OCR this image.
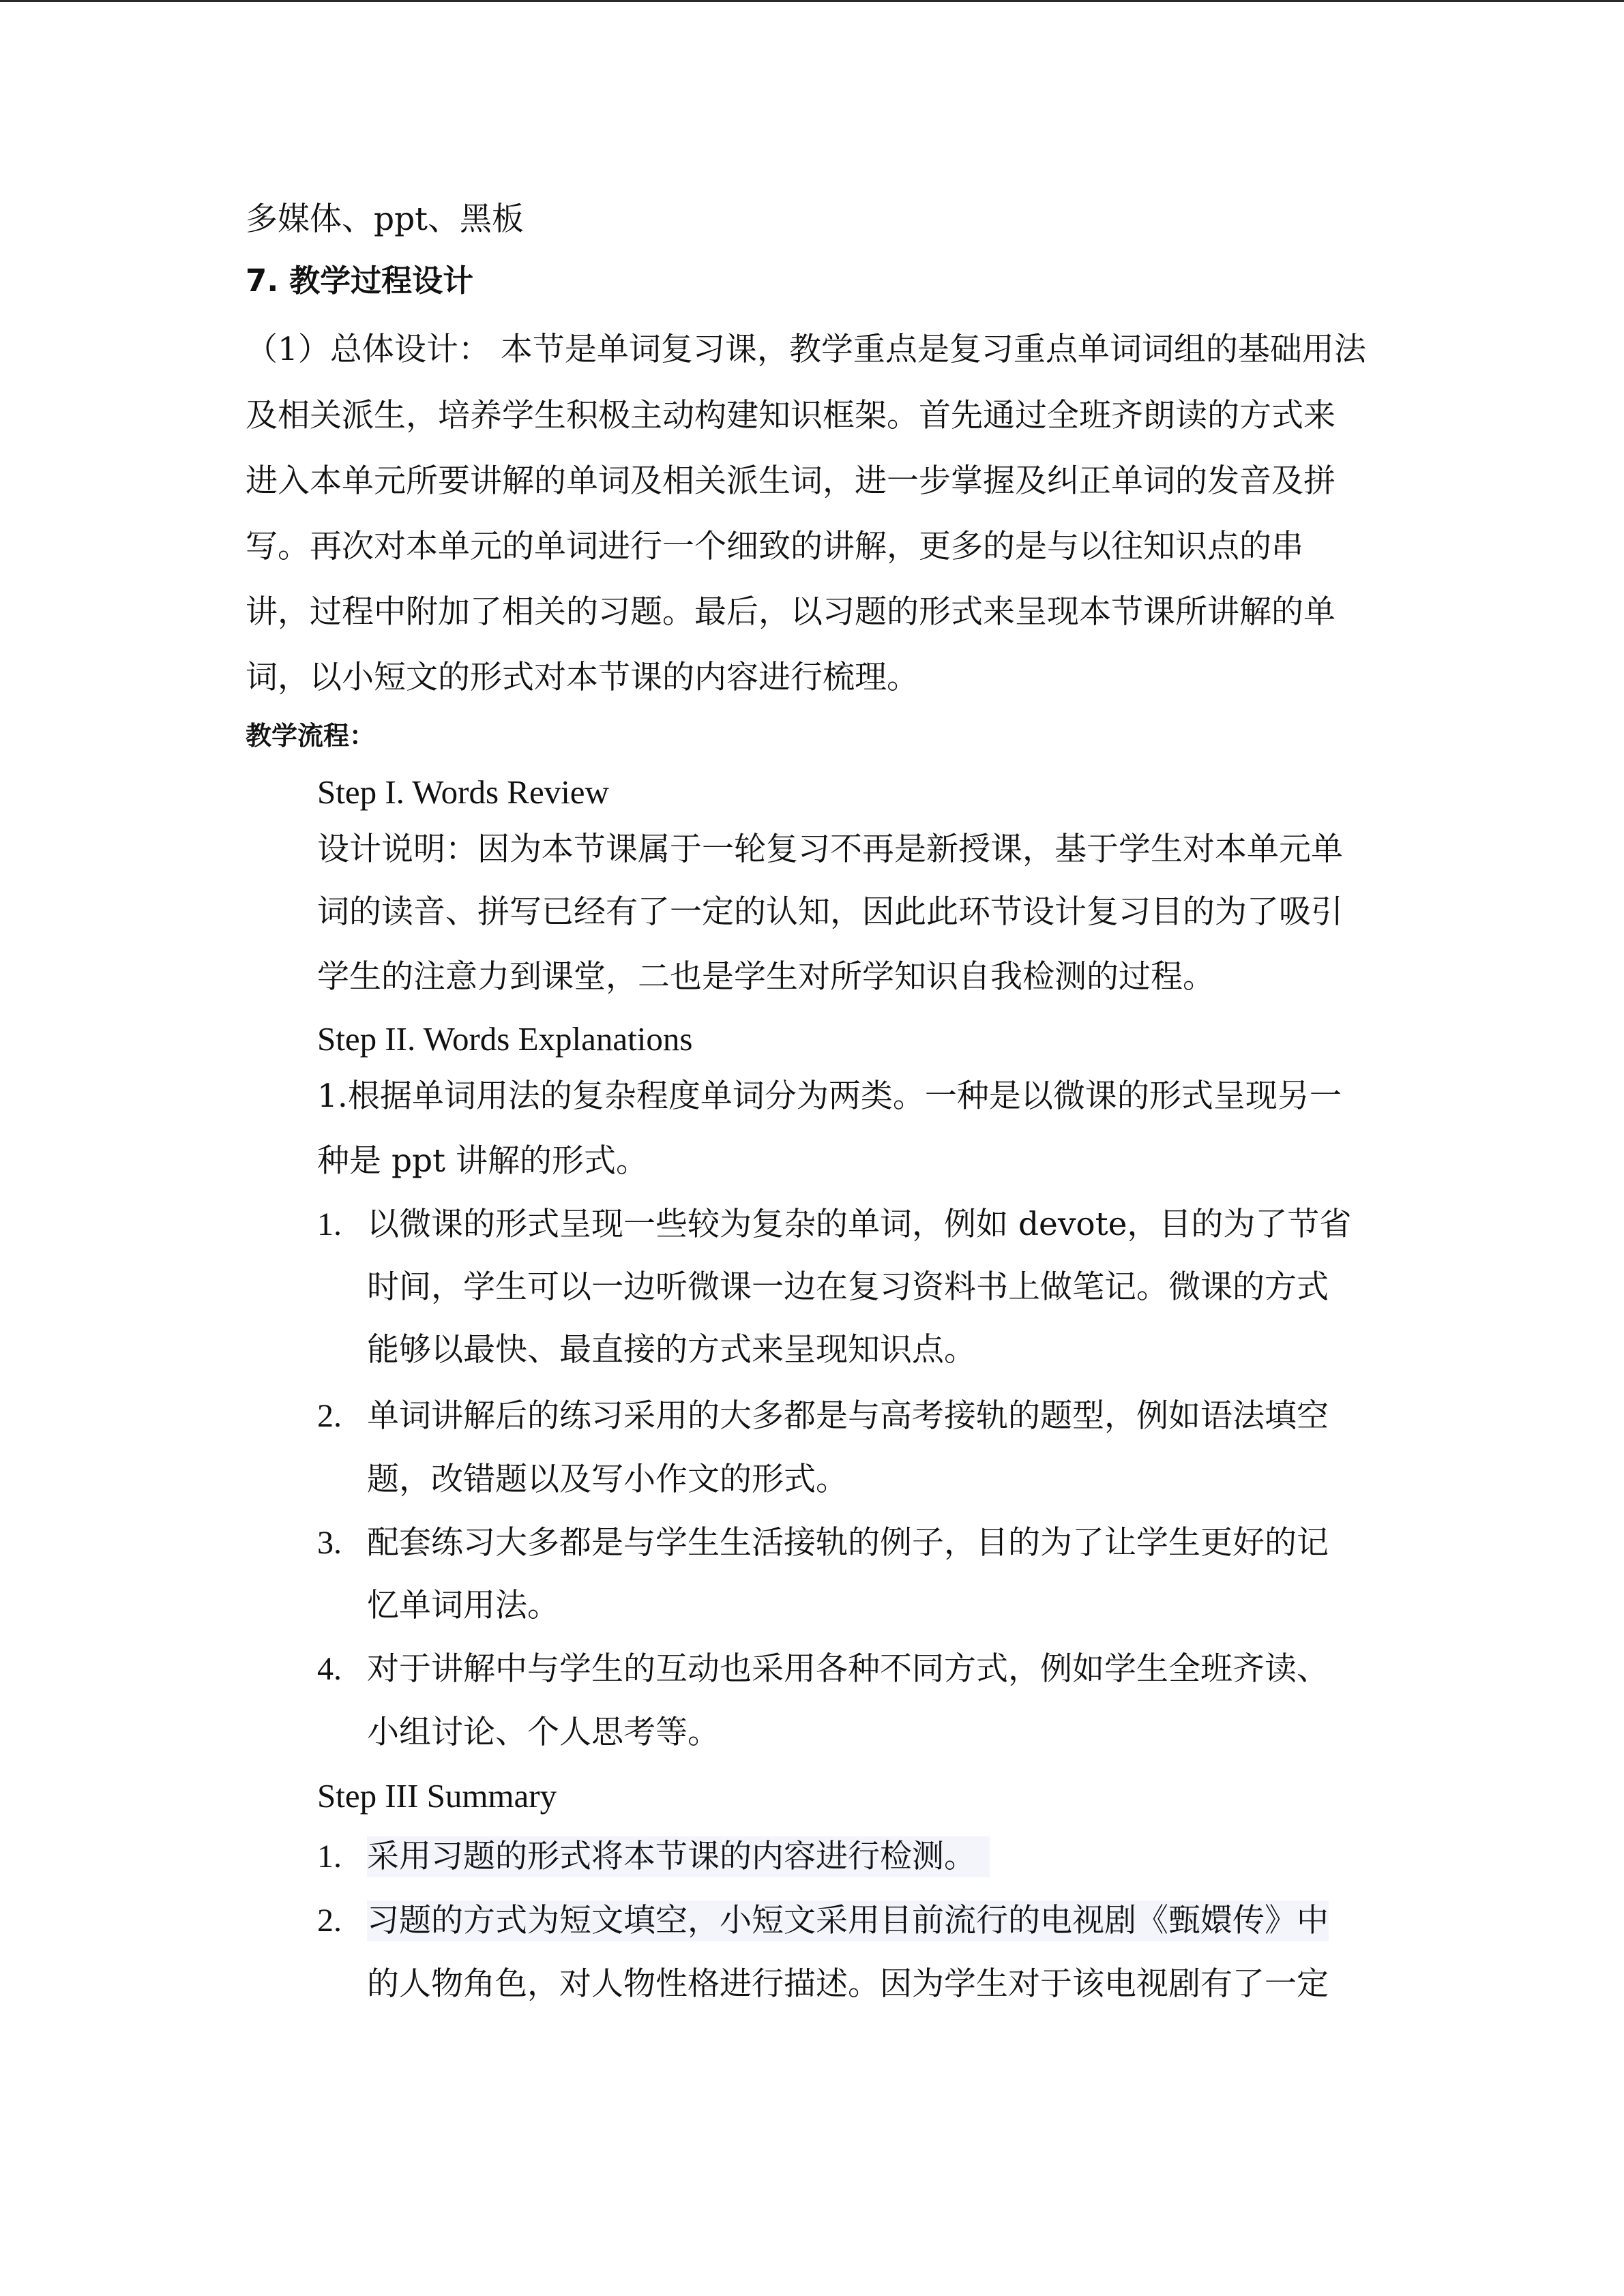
多媒体、ppt、黑板
7. 教学过程设计
（1）总体设计： 本节是单词复习课，教学重点是复习重点单词词组的基础用法
及相关派生，培养学生积极主动构建知识框架。首先通过全班齐朗读的方式来
进入本单元所要讲解的单词及相关派生词，进一步掌握及纠正单词的发音及拼
写。再次对本单元的单词进行一个细致的讲解，更多的是与以往知识点的串
讲，过程中附加了相关的习题。最后，以习题的形式来呈现本节课所讲解的单
词，以小短文的形式对本节课的内容进行梳理。
教学流程：
Step I. Words Review
设计说明：因为本节课属于一轮复习不再是新授课，基于学生对本单元单
词的读音、拼写已经有了一定的认知，因此此环节设计复习目的为了吸引
学生的注意力到课堂，二也是学生对所学知识自我检测的过程。
Step II. Words Explanations
1.根据单词用法的复杂程度单词分为两类。一种是以微课的形式呈现另一
种是 ppt 讲解的形式。
1. 以微课的形式呈现一些较为复杂的单词，例如 devote，目的为了节省
时间，学生可以一边听微课一边在复习资料书上做笔记。微课的方式
能够以最快、最直接的方式来呈现知识点。
2. 单词讲解后的练习采用的大多都是与高考接轨的题型，例如语法填空
题，改错题以及写小作文的形式。
3. 配套练习大多都是与学生生活接轨的例子，目的为了让学生更好的记
忆单词用法。
4. 对于讲解中与学生的互动也采用各种不同方式，例如学生全班齐读、
小组讨论、个人思考等。
Step III Summary
1. 采用习题的形式将本节课的内容进行检测。
2. 习题的方式为短文填空，小短文采用目前流行的电视剧《甄嬛传》中
的人物角色，对人物性格进行描述。因为学生对于该电视剧有了一定
